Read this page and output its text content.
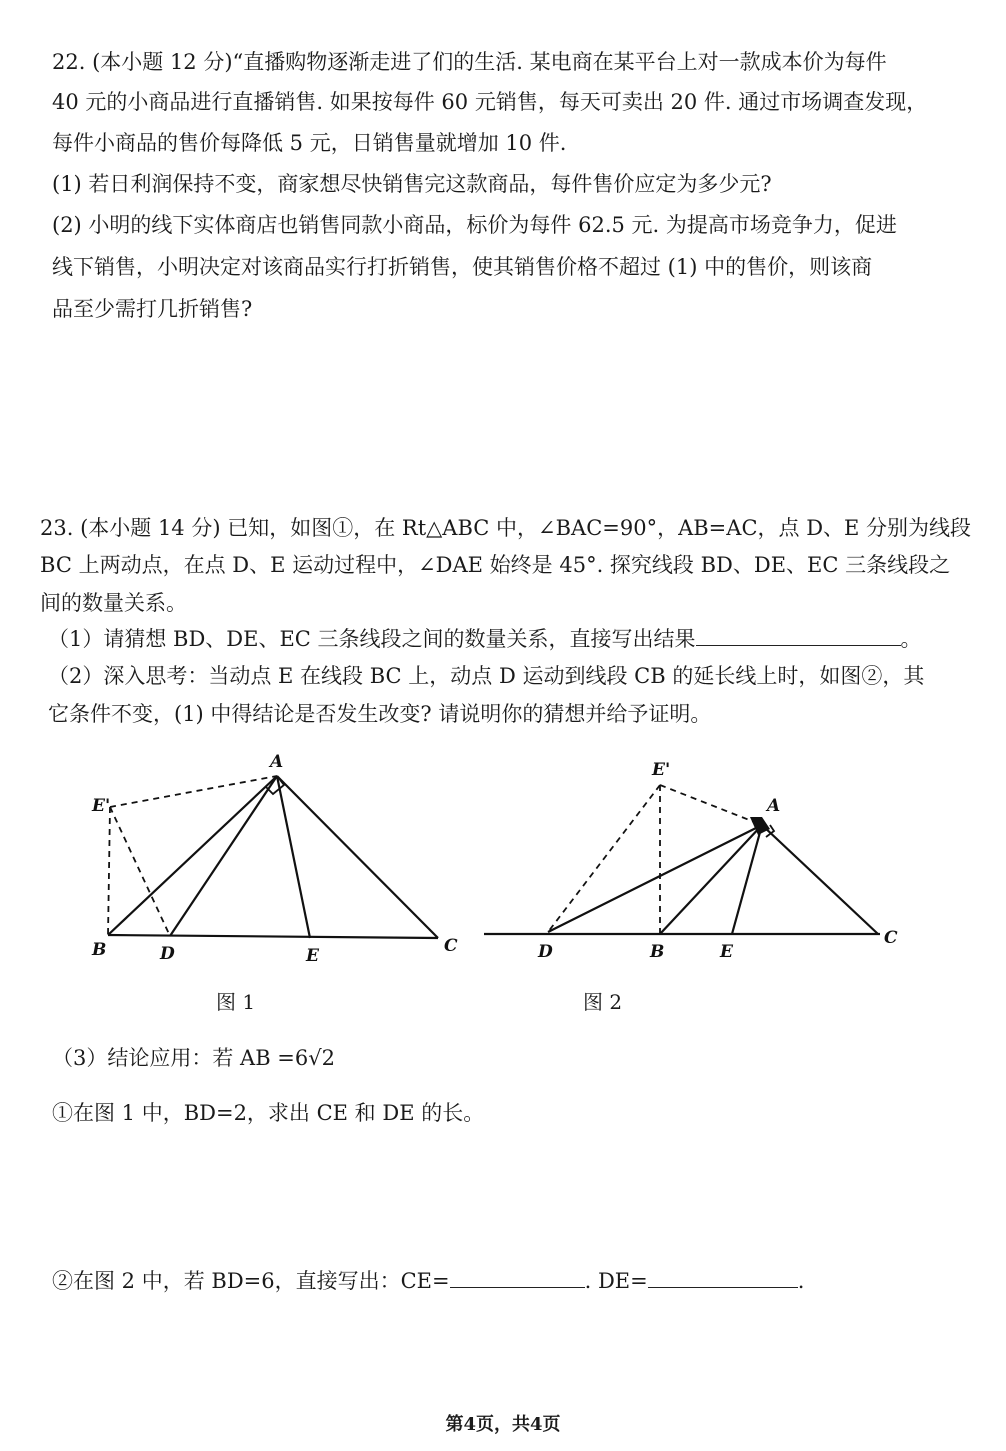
22. (本小题 12 分)“直播购物逐渐走进了们的生活. 某电商在某平台上对一款成本价为每件
40 元的小商品进行直播销售. 如果按每件 60 元销售，每天可卖出 20 件. 通过市场调查发现，
每件小商品的售价每降低 5 元，日销售量就增加 10 件.
(1) 若日利润保持不变，商家想尽快销售完这款商品，每件售价应定为多少元?
(2) 小明的线下实体商店也销售同款小商品，标价为每件 62.5 元. 为提高市场竞争力，促进
线下销售，小明决定对该商品实行打折销售，使其销售价格不超过 (1) 中的售价，则该商
品至少需打几折销售?
23. (本小题 14 分) 已知，如图①，在 Rt△ABC 中，∠BAC=90°，AB=AC，点 D、E 分别为线段
BC 上两动点，在点 D、E 运动过程中，∠DAE 始终是 45°. 探究线段 BD、DE、EC 三条线段之
间的数量关系。
（1）请猜想 BD、DE、EC 三条线段之间的数量关系，直接写出结果	。
（2）深入思考：当动点 E 在线段 BC 上，动点 D 运动到线段 CB 的延长线上时，如图②，其
它条件不变，(1) 中得结论是否发生改变? 请说明你的猜想并给予证明。
A
E'
B	D	E	C
图 1
E'
A
D	B	E
C
图 2
（3）结论应用：若 AB =6√2
①在图 1 中，BD=2，求出 CE 和 DE 的长。
②在图 2 中，若 BD=6，直接写出：CE=	. DE=	.
第4页，共4页
